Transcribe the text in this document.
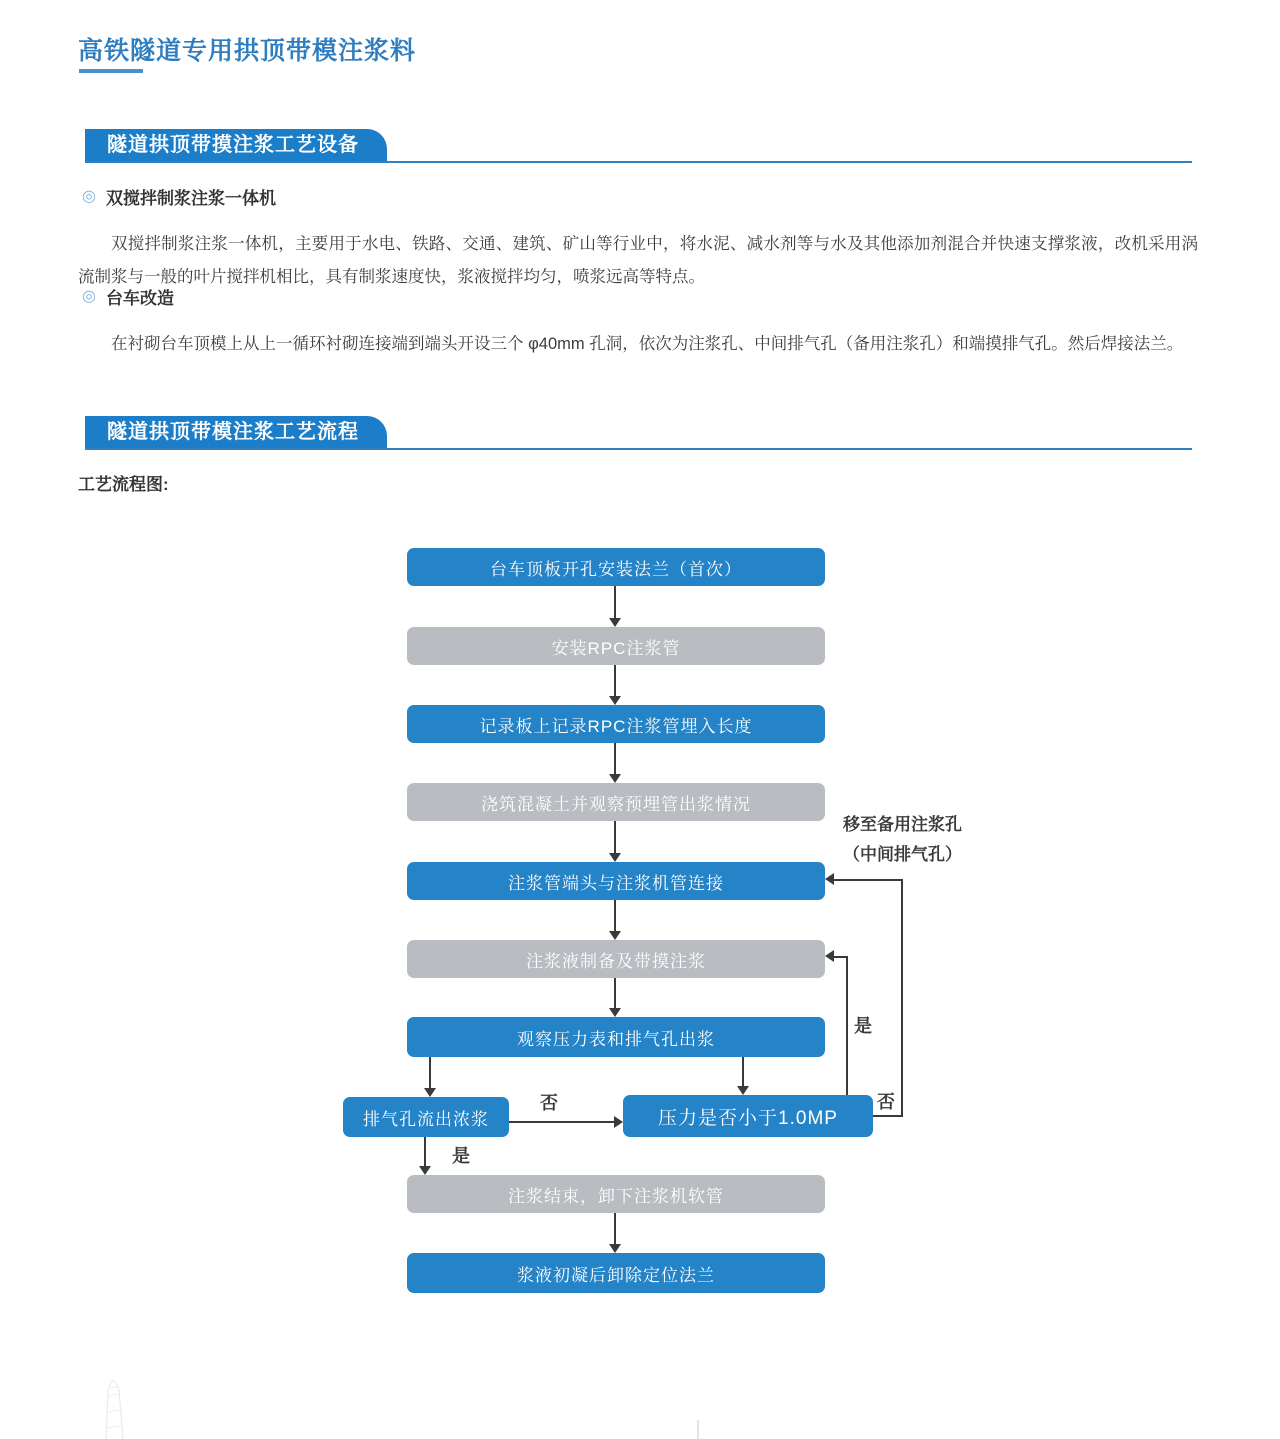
高铁隧道专用拱顶带模注浆料
隧道拱顶带摸注浆工艺设备
◎ 双搅拌制浆注浆一体机

双搅拌制浆注浆一体机，主要用于水电、铁路、交通、建筑、矿山等行业中，将水泥、减水剂等与水及其他添加剂混合并快速支撑浆液，改机采用涡流制浆与一般的叶片搅拌机相比，具有制浆速度快，浆液搅拌均匀，喷浆远高等特点。

◎ 台车改造

在衬砌台车顶模上从上一循环衬砌连接端到端头开设三个 φ40mm 孔洞，依次为注浆孔、中间排气孔（备用注浆孔）和端摸排气孔。然后焊接法兰。

隧道拱顶带模注浆工艺流程
工艺流程图:
台车顶板开孔安装法兰（首次）
安装RPC注浆管
记录板上记录RPC注浆管埋入长度
浇筑混凝土并观察预埋管出浆情况
注浆管端头与注浆机管连接
注浆液制备及带摸注浆
观察压力表和排气孔出浆
排气孔流出浓浆	压力是否小于1.0MP
注浆结束，卸下注浆机软管
浆液初凝后卸除定位法兰
否
是
是
否
移至备用注浆孔
（中间排气孔）
